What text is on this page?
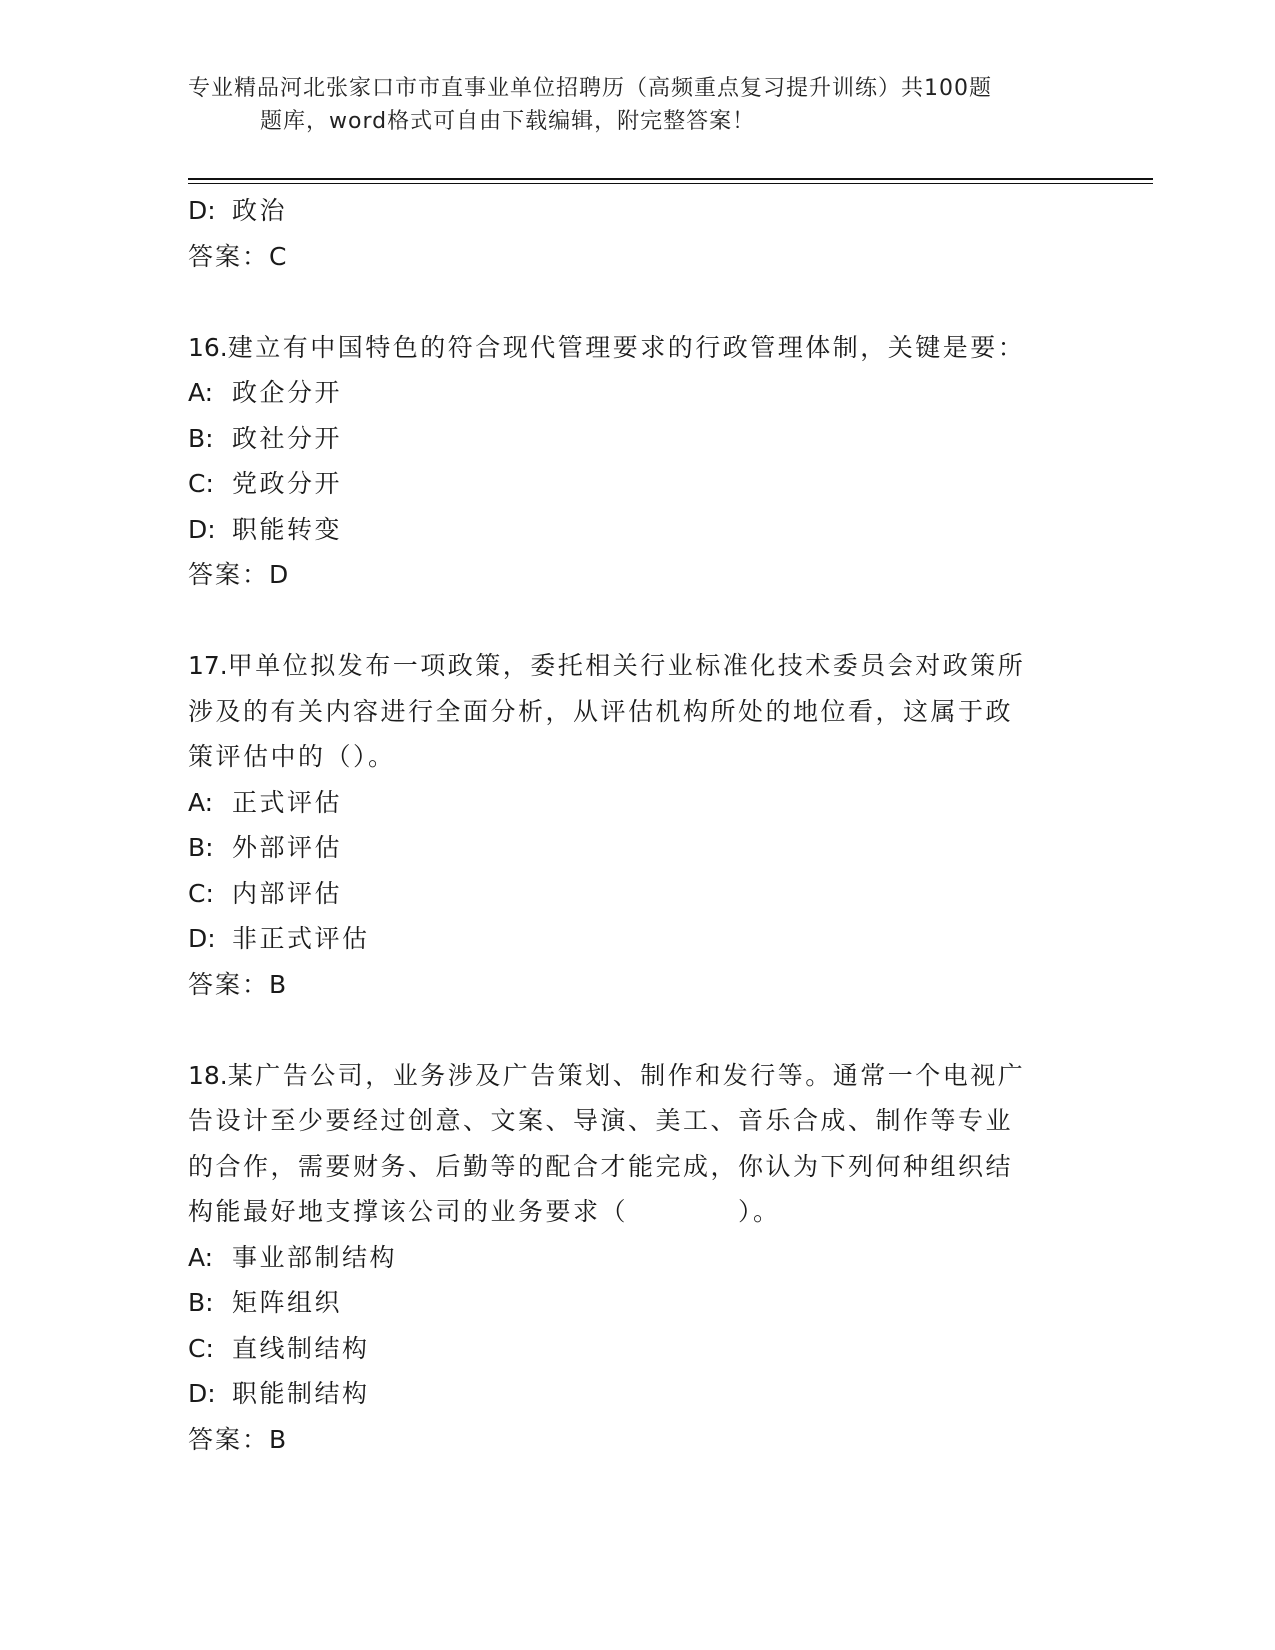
专业精品河北张家口市市直事业单位招聘历（高频重点复习提升训练）共100题
题库，word格式可自由下载编辑，附完整答案！
D: 政治
答案：C
16.建立有中国特色的符合现代管理要求的行政管理体制，关键是要：
A: 政企分开
B: 政社分开
C: 党政分开
D: 职能转变
答案：D
17.甲单位拟发布一项政策，委托相关行业标准化技术委员会对政策所
涉及的有关内容进行全面分析，从评估机构所处的地位看，这属于政
策评估中的（）。
A: 正式评估
B: 外部评估
C: 内部评估
D: 非正式评估
答案：B
18.某广告公司，业务涉及广告策划、制作和发行等。通常一个电视广
告设计至少要经过创意、文案、导演、美工、音乐合成、制作等专业
的合作，需要财务、后勤等的配合才能完成，你认为下列何种组织结
构能最好地支撑该公司的业务要求（　　　　）。
A: 事业部制结构
B: 矩阵组织
C: 直线制结构
D: 职能制结构
答案：B
